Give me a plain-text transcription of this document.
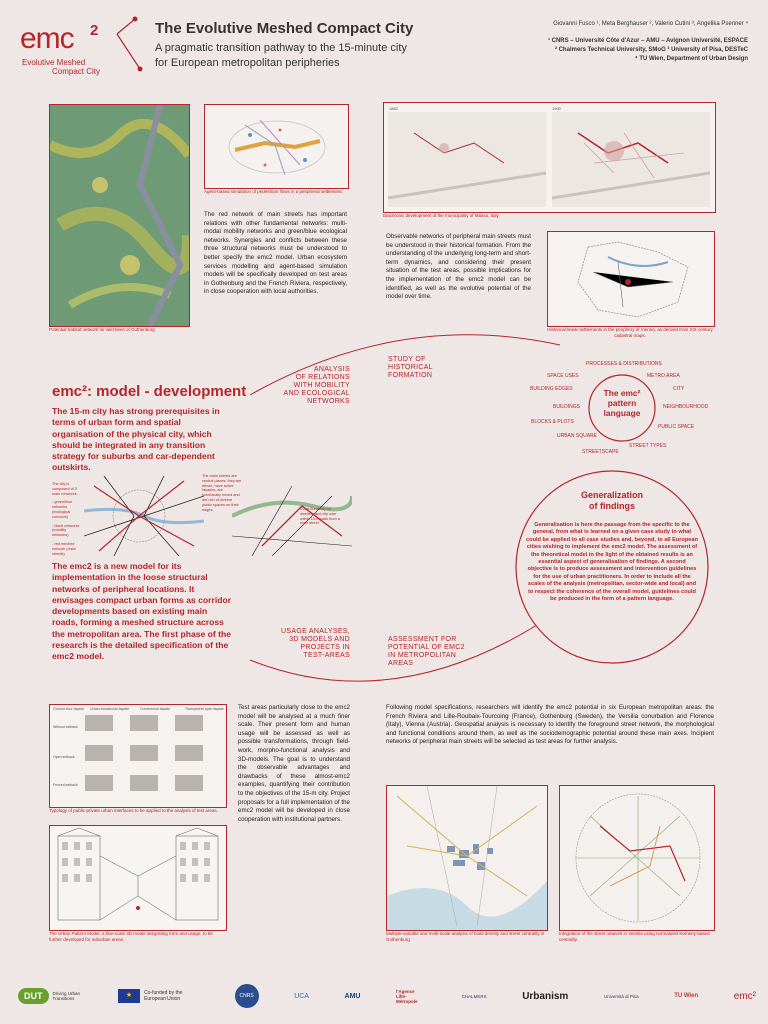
emc 2
Evolutive Meshed
Compact City
The Evolutive Meshed Compact City
A pragmatic transition pathway to the 15-minute city
for European metropolitan peripheries
Giovanni Fusco ¹, Meta Berghauser ², Valerio Cutini ³, Angelika Psenner ⁴
¹ CNRS – Université Côte d'Azur – AMU – Avignon Université, ESPACE
² Chalmers Technical University, SMoG ³ University of Pisa, DESTeC
⁴ TU Wien, Department of Urban Design
Potential habitat network for wild bees of Gothenburg
Agent-based simulation of pedestrian flows in a peripheral settlement.
The red network of main streets has important relations with other fundamental networks: multi-modal mobility networks and green/blue ecological networks. Synergies and conflicts between these three structural networks must be understood to better specify the emc2 model. Urban ecosystem services modelling and agent-based simulation models will be specifically developed on test areas in Gothenburg and the French Riviera, respectively, in close cooperation with local authorities.
1882	1990
Diachronic development of the municipality of Massa, Italy.
Observable networks of peripheral main streets must be understood in their historical formation. From the understanding of the underlying long-term and short-term dynamics, and considering their present situation of the test areas, possible implications for the implementation of the emc2 model can be identified, as well as the evolutive potential of the model over time.
Historical linear settlements in the periphery of Vienna, as derived from XIX century cadastral maps.
ANALYSIS
OF RELATIONS
WITH MOBILITY
AND ECOLOGICAL
NETWORKS
STUDY OF
HISTORICAL
FORMATION
USAGE ANALYSES,
3D MODELS AND
PROJECTS IN
TEST-AREAS
ASSESSMENT FOR
POTENTIAL OF EMC2
IN METROPOLITAN
AREAS
The emc²
pattern
language
PROCESSES & DISTRIBUTIONS
SPACE USES	METRO AREA
BUILDING EDGES	CITY
BUILDINGS	NEIGHBOURHOOD
BLOCKS & PLOTS
PUBLIC SPACE
URBAN SQUARE
STREET TYPES
STREETSCAPE
Generalization
of findings
Generalisation is here the passage from the specific to the general, from what is learned on a given case study to what could be applied to all case studies and, beyond, to all European cities wishing to implement the emc2 model. The assessment of the theoretical model in the light of the obtained results is an essential aspect of generalisation of findings. A second objective is to produce assessment and intervention guidelines for the use of urban practitioners. In order to include all the scales of the analysis (metropolitan, sector-wide and local) and to respect the coherence of the overall model, guidelines could be produced in the form of a pattern language.
emc²: model - development
The 15-m city has strong prerequisites in terms of urban form and spatial organisation of the physical city, which should be integrated in any transition strategy for suburbs and car-dependent outskirts.
The city is composed of 3 main networks:
- green/blue networks (ecological corridors)
- black networks (mobility networks)
- red meshed network (main streets)
The main streets are central places: they are dense, have active façades, are functionally mixed and are rich of diverse public spaces on their edges.	Good liveability for dwellers and city user within 15-m walk from a main street
The emc2 is a new model for its implementation in the loose structural networks of peripheral locations. It envisages compact urban forms as corridor developments based on existing main roads, forming a meshed structure across the metropolitan area. The first phase of the research is the detailed specification of the emc2 model.
Urban-transitional façade	Commercial façade	Transparent open façade
Ground-floor façade
Without setback
Open setback
Fenced setback
Typology of public-private urban interfaces to be applied to the analysis of test areas.
The Urban Pattern Model, a fine-scale 3D model integrating form and usage, to be further developed for suburban areas.
Test areas particularly close to the emc2 model will be analysed at a much finer scale. Their present form and human usage will be assessed as well as possible transformations, through field-work, morpho-functional analysis and 3D-models. The goal is to understand the observable advantages and drawbacks of these almost-emc2 examples, quantifying their contribution to the objectives of the 15-m city. Project proposals for a full implementation of the emc2 model will be developed in close cooperation with institutional partners.
Following model specifications, researchers will identify the emc2 potential in six European metropolitan areas: the French Riviera and Lille-Roubaix-Tourcoing (France), Gothenburg (Sweden), the Versilia conurbation and Florence (Italy), Vienna (Austria). Geospatial analysis is necessary to identify the foreground street network, the morphological and functional conditions around them, as well as the sociodemographic potential around these main axes. Incipient networks of peripheral main streets will be selected as test areas for further analysis.
Multiple-variable and multi-scale analysis of build density and street centrality in Gothenburg
Integration of the street network in Versilia using normalized Kemeny-based centrality.
DUT	Driving Urban Transitions	★	Co-funded by the European Union	CNRS	UCA	AMU
l'Agence Lille-Métropole
CHALMERS	Urbanism	Università di Pisa	TU Wien	emc²
